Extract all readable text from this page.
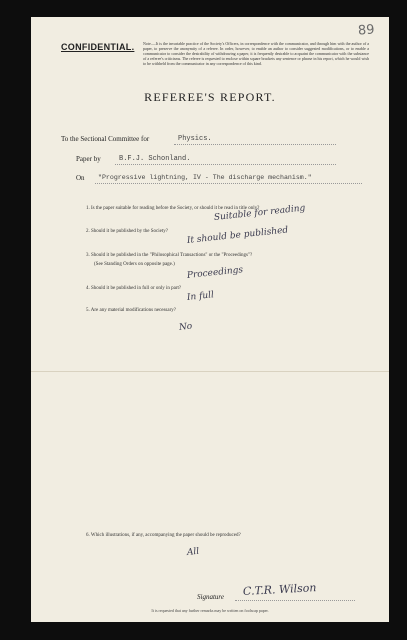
89
CONFIDENTIAL. Note.—It is the invariable practice of the Society's Officers, in correspondence with the communicator, and through him with the author of a paper, to preserve the anonymity of a referee. In order, however, to enable an author to consider suggested modifications, or to enable a communicator to consider the desirability of withdrawing a paper, it is frequently desirable to acquaint the communicator with the substance of a referee's criticisms. The referee is requested to enclose within square brackets any sentence or phrase in his report, which he would wish to be withheld from the communicator in any correspondence of this kind.
REFEREE'S REPORT.
To the Sectional Committee for	Physics.
Paper by	B.F.J. Schonland.
On "Progressive lightning, IV - The discharge mechanism."
1. Is the paper suitable for reading before the Society, or should it be read in title only?
Suitable for reading
2. Should it be published by the Society? It should be published
3. Should it be published in the "Philosophical Transactions" or the "Proceedings"?
(See Standing Orders on opposite page.)
Proceedings
4. Should it be published in full or only in part?
In full
5. Are any material modifications necessary?
No
6. Which illustrations, if any, accompanying the paper should be reproduced?
All
Signature C.T.R. Wilson
It is requested that any further remarks may be written on foolscap paper.
